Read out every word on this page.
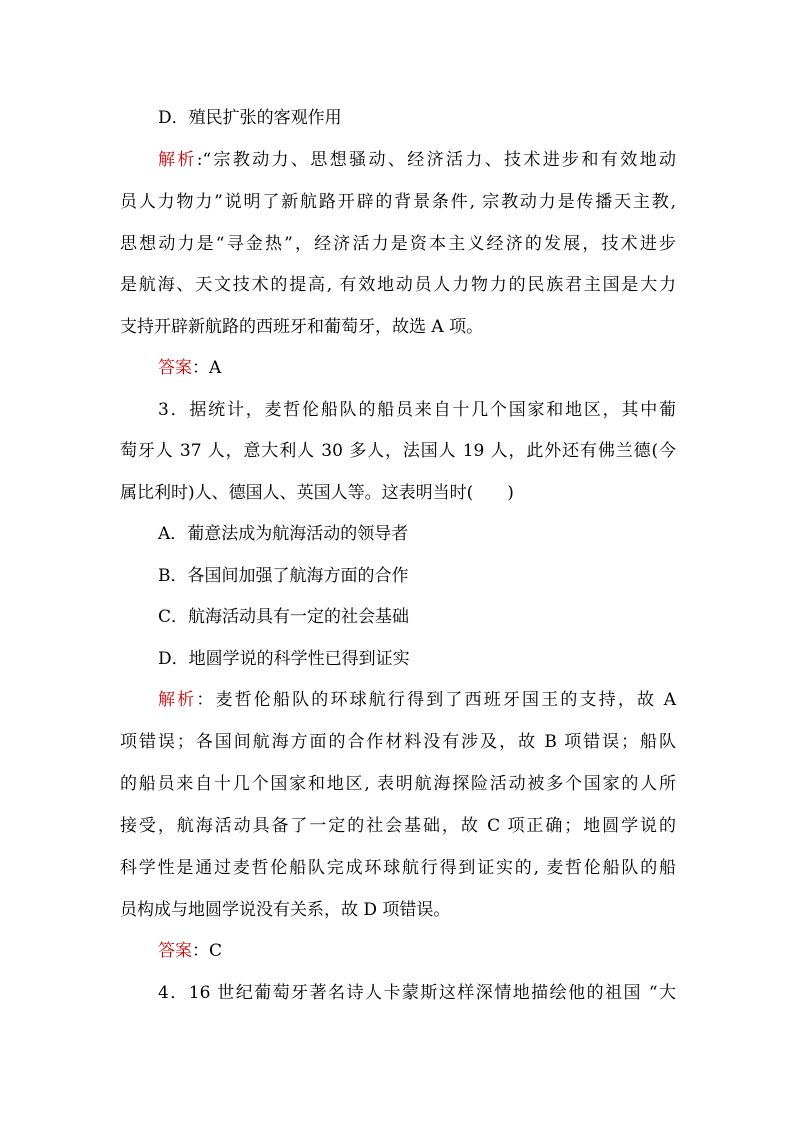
D．殖民扩张的客观作用
解析:“宗教动力、思想骚动、经济活力、技术进步和有效地动
员人力物力”说明了新航路开辟的背景条件, 宗教动力是传播天主教,
思想动力是“寻金热”，经济活力是资本主义经济的发展，技术进步
是航海、天文技术的提高, 有效地动员人力物力的民族君主国是大力
支持开辟新航路的西班牙和葡萄牙，故选 A 项。
答案：A
3．据统计，麦哲伦船队的船员来自十几个国家和地区，其中葡
萄牙人 37 人，意大利人 30 多人，法国人 19 人，此外还有佛兰德(今
属比利时)人、德国人、英国人等。这表明当时(　　)
A．葡意法成为航海活动的领导者
B．各国间加强了航海方面的合作
C．航海活动具有一定的社会基础
D．地圆学说的科学性已得到证实
解析：麦哲伦船队的环球航行得到了西班牙国王的支持，故 A
项错误；各国间航海方面的合作材料没有涉及，故 B 项错误；船队
的船员来自十几个国家和地区, 表明航海探险活动被多个国家的人所
接受，航海活动具备了一定的社会基础，故 C 项正确；地圆学说的
科学性是通过麦哲伦船队完成环球航行得到证实的, 麦哲伦船队的船
员构成与地圆学说没有关系，故 D 项错误。
答案：C
4．16 世纪葡萄牙著名诗人卡蒙斯这样深情地描绘他的祖国 “大
